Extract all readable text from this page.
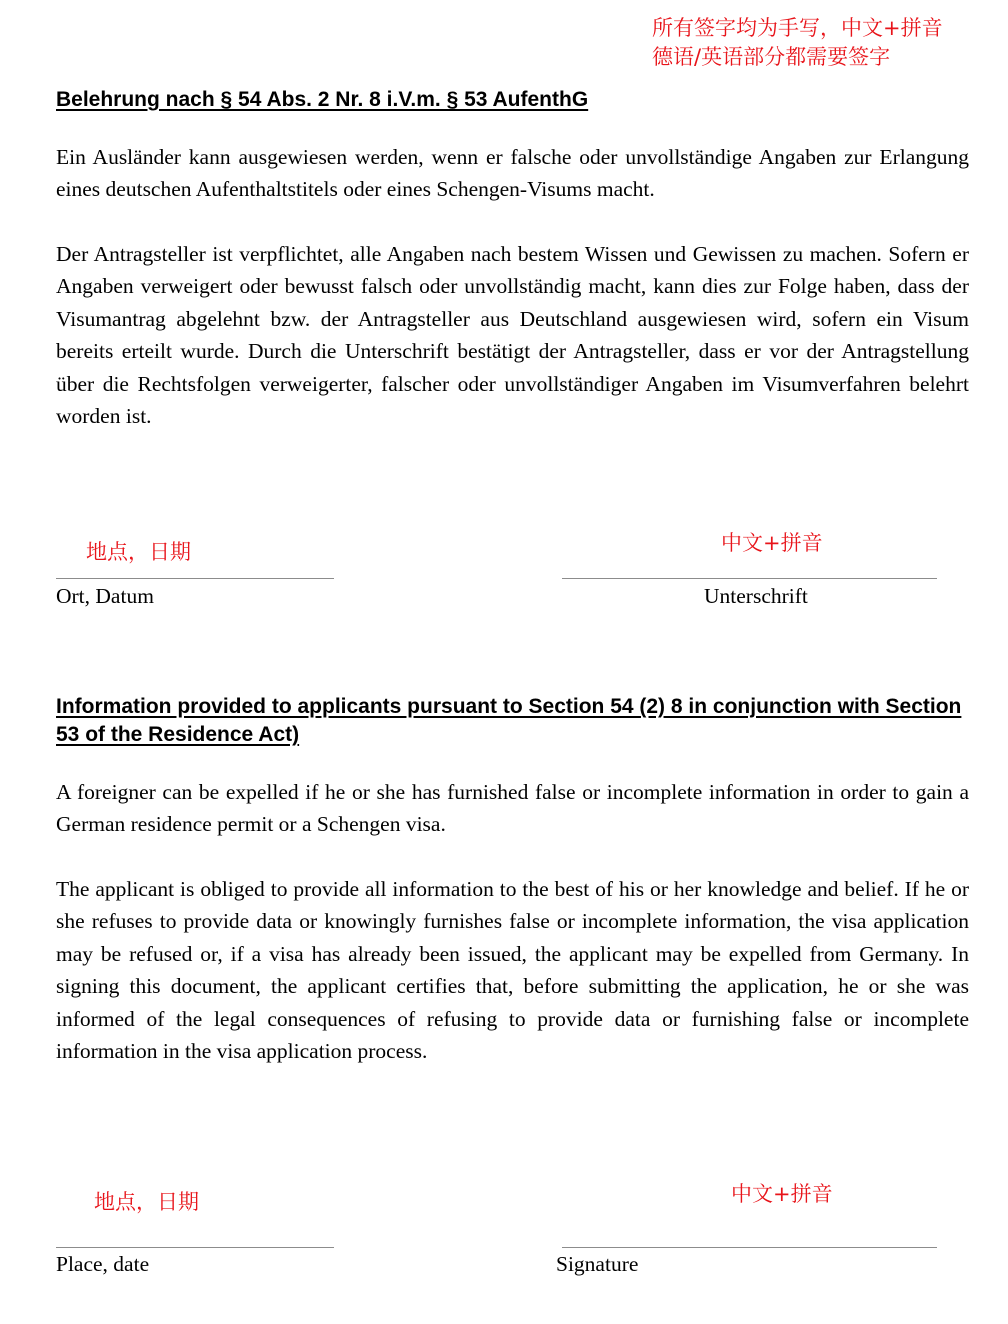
所有签字均为手写，中文+拼音
德语/英语部分都需要签字
Belehrung nach § 54 Abs. 2 Nr. 8 i.V.m. § 53 AufenthG

Ein Ausländer kann ausgewiesen werden, wenn er falsche oder unvollständige Angaben zur Erlangung eines deutschen Aufenthaltstitels oder eines Schengen-Visums macht.

Der Antragsteller ist verpflichtet, alle Angaben nach bestem Wissen und Gewissen zu machen. Sofern er Angaben verweigert oder bewusst falsch oder unvollständig macht, kann dies zur Folge haben, dass der Visumantrag abgelehnt bzw. der Antragsteller aus Deutschland ausgewiesen wird, sofern ein Visum bereits erteilt wurde. Durch die Unterschrift bestätigt der Antragsteller, dass er vor der Antragstellung über die Rechtsfolgen verweigerter, falscher oder unvollständiger Angaben im Visumverfahren belehrt worden ist.

地点，日期	中文+拼音
Ort, Datum	Unterschrift
Information provided to applicants pursuant to Section 54 (2) 8 in conjunction with Section 53 of the Residence Act)

A foreigner can be expelled if he or she has furnished false or incomplete information in order to gain a German residence permit or a Schengen visa.

The applicant is obliged to provide all information to the best of his or her knowledge and belief. If he or she refuses to provide data or knowingly furnishes false or incomplete information, the visa application may be refused or, if a visa has already been issued, the applicant may be expelled from Germany. In signing this document, the applicant certifies that, before submitting the application, he or she was informed of the legal consequences of refusing to provide data or furnishing false or incomplete information in the visa application process.

地点，日期	中文+拼音
Place, date	Signature
